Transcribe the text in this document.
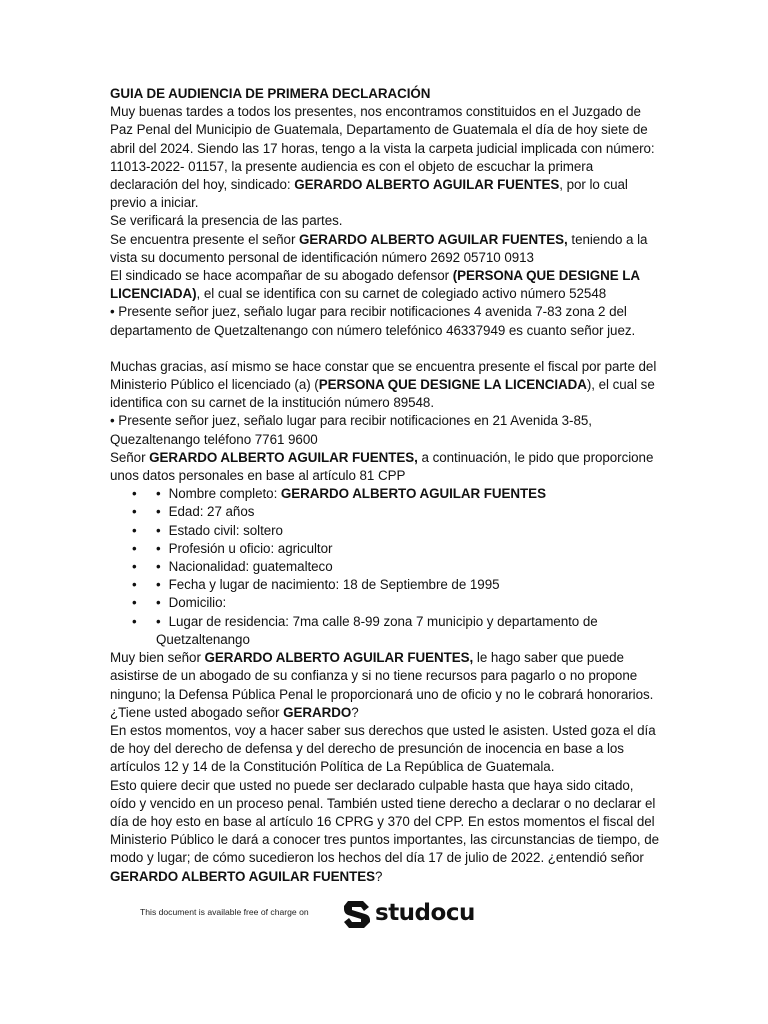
GUIA DE AUDIENCIA DE PRIMERA DECLARACIÓN

Muy buenas tardes a todos los presentes, nos encontramos constituidos en el Juzgado de Paz Penal del Municipio de Guatemala, Departamento de Guatemala el día de hoy siete de abril del 2024. Siendo las 17 horas, tengo a la vista la carpeta judicial implicada con número: 11013-2022- 01157, la presente audiencia es con el objeto de escuchar la primera declaración del hoy, sindicado: GERARDO ALBERTO AGUILAR FUENTES, por lo cual previo a iniciar.

Se verificará la presencia de las partes.

Se encuentra presente el señor GERARDO ALBERTO AGUILAR FUENTES, teniendo a la vista su documento personal de identificación número 2692 05710 0913

El sindicado se hace acompañar de su abogado defensor (PERSONA QUE DESIGNE LA LICENCIADA), el cual se identifica con su carnet de colegiado activo número 52548

• Presente señor juez, señalo lugar para recibir notificaciones 4 avenida 7-83 zona 2 del departamento de Quetzaltenango con número telefónico 46337949 es cuanto señor juez.

Muchas gracias, así mismo se hace constar que se encuentra presente el fiscal por parte del Ministerio Público el licenciado (a) (PERSONA QUE DESIGNE LA LICENCIADA), el cual se identifica con su carnet de la institución número 89548.

• Presente señor juez, señalo lugar para recibir notificaciones en 21 Avenida 3-85, Quezaltenango teléfono 7761 9600

Señor GERARDO ALBERTO AGUILAR FUENTES, a continuación, le pido que proporcione unos datos personales en base al artículo 81 CPP

• • Nombre completo: GERARDO ALBERTO AGUILAR FUENTES
• • Edad: 27 años
• • Estado civil: soltero
• • Profesión u oficio: agricultor
• • Nacionalidad: guatemalteco
• • Fecha y lugar de nacimiento: 18 de Septiembre de 1995
• • Domicilio:
• • Lugar de residencia: 7ma calle 8-99 zona 7 municipio y departamento de Quetzaltenango

Muy bien señor GERARDO ALBERTO AGUILAR FUENTES, le hago saber que puede asistirse de un abogado de su confianza y si no tiene recursos para pagarlo o no propone ninguno; la Defensa Pública Penal le proporcionará uno de oficio y no le cobrará honorarios. ¿Tiene usted abogado señor GERARDO?

En estos momentos, voy a hacer saber sus derechos que usted le asisten. Usted goza el día de hoy del derecho de defensa y del derecho de presunción de inocencia en base a los artículos 12 y 14 de la Constitución Política de La República de Guatemala.

Esto quiere decir que usted no puede ser declarado culpable hasta que haya sido citado, oído y vencido en un proceso penal. También usted tiene derecho a declarar o no declarar el día de hoy esto en base al artículo 16 CPRG y 370 del CPP. En estos momentos el fiscal del Ministerio Público le dará a conocer tres puntos importantes, las circunstancias de tiempo, de modo y lugar; de cómo sucedieron los hechos del día 17 de julio de 2022. ¿entendió señor GERARDO ALBERTO AGUILAR FUENTES?

This document is available free of charge on	studocu
